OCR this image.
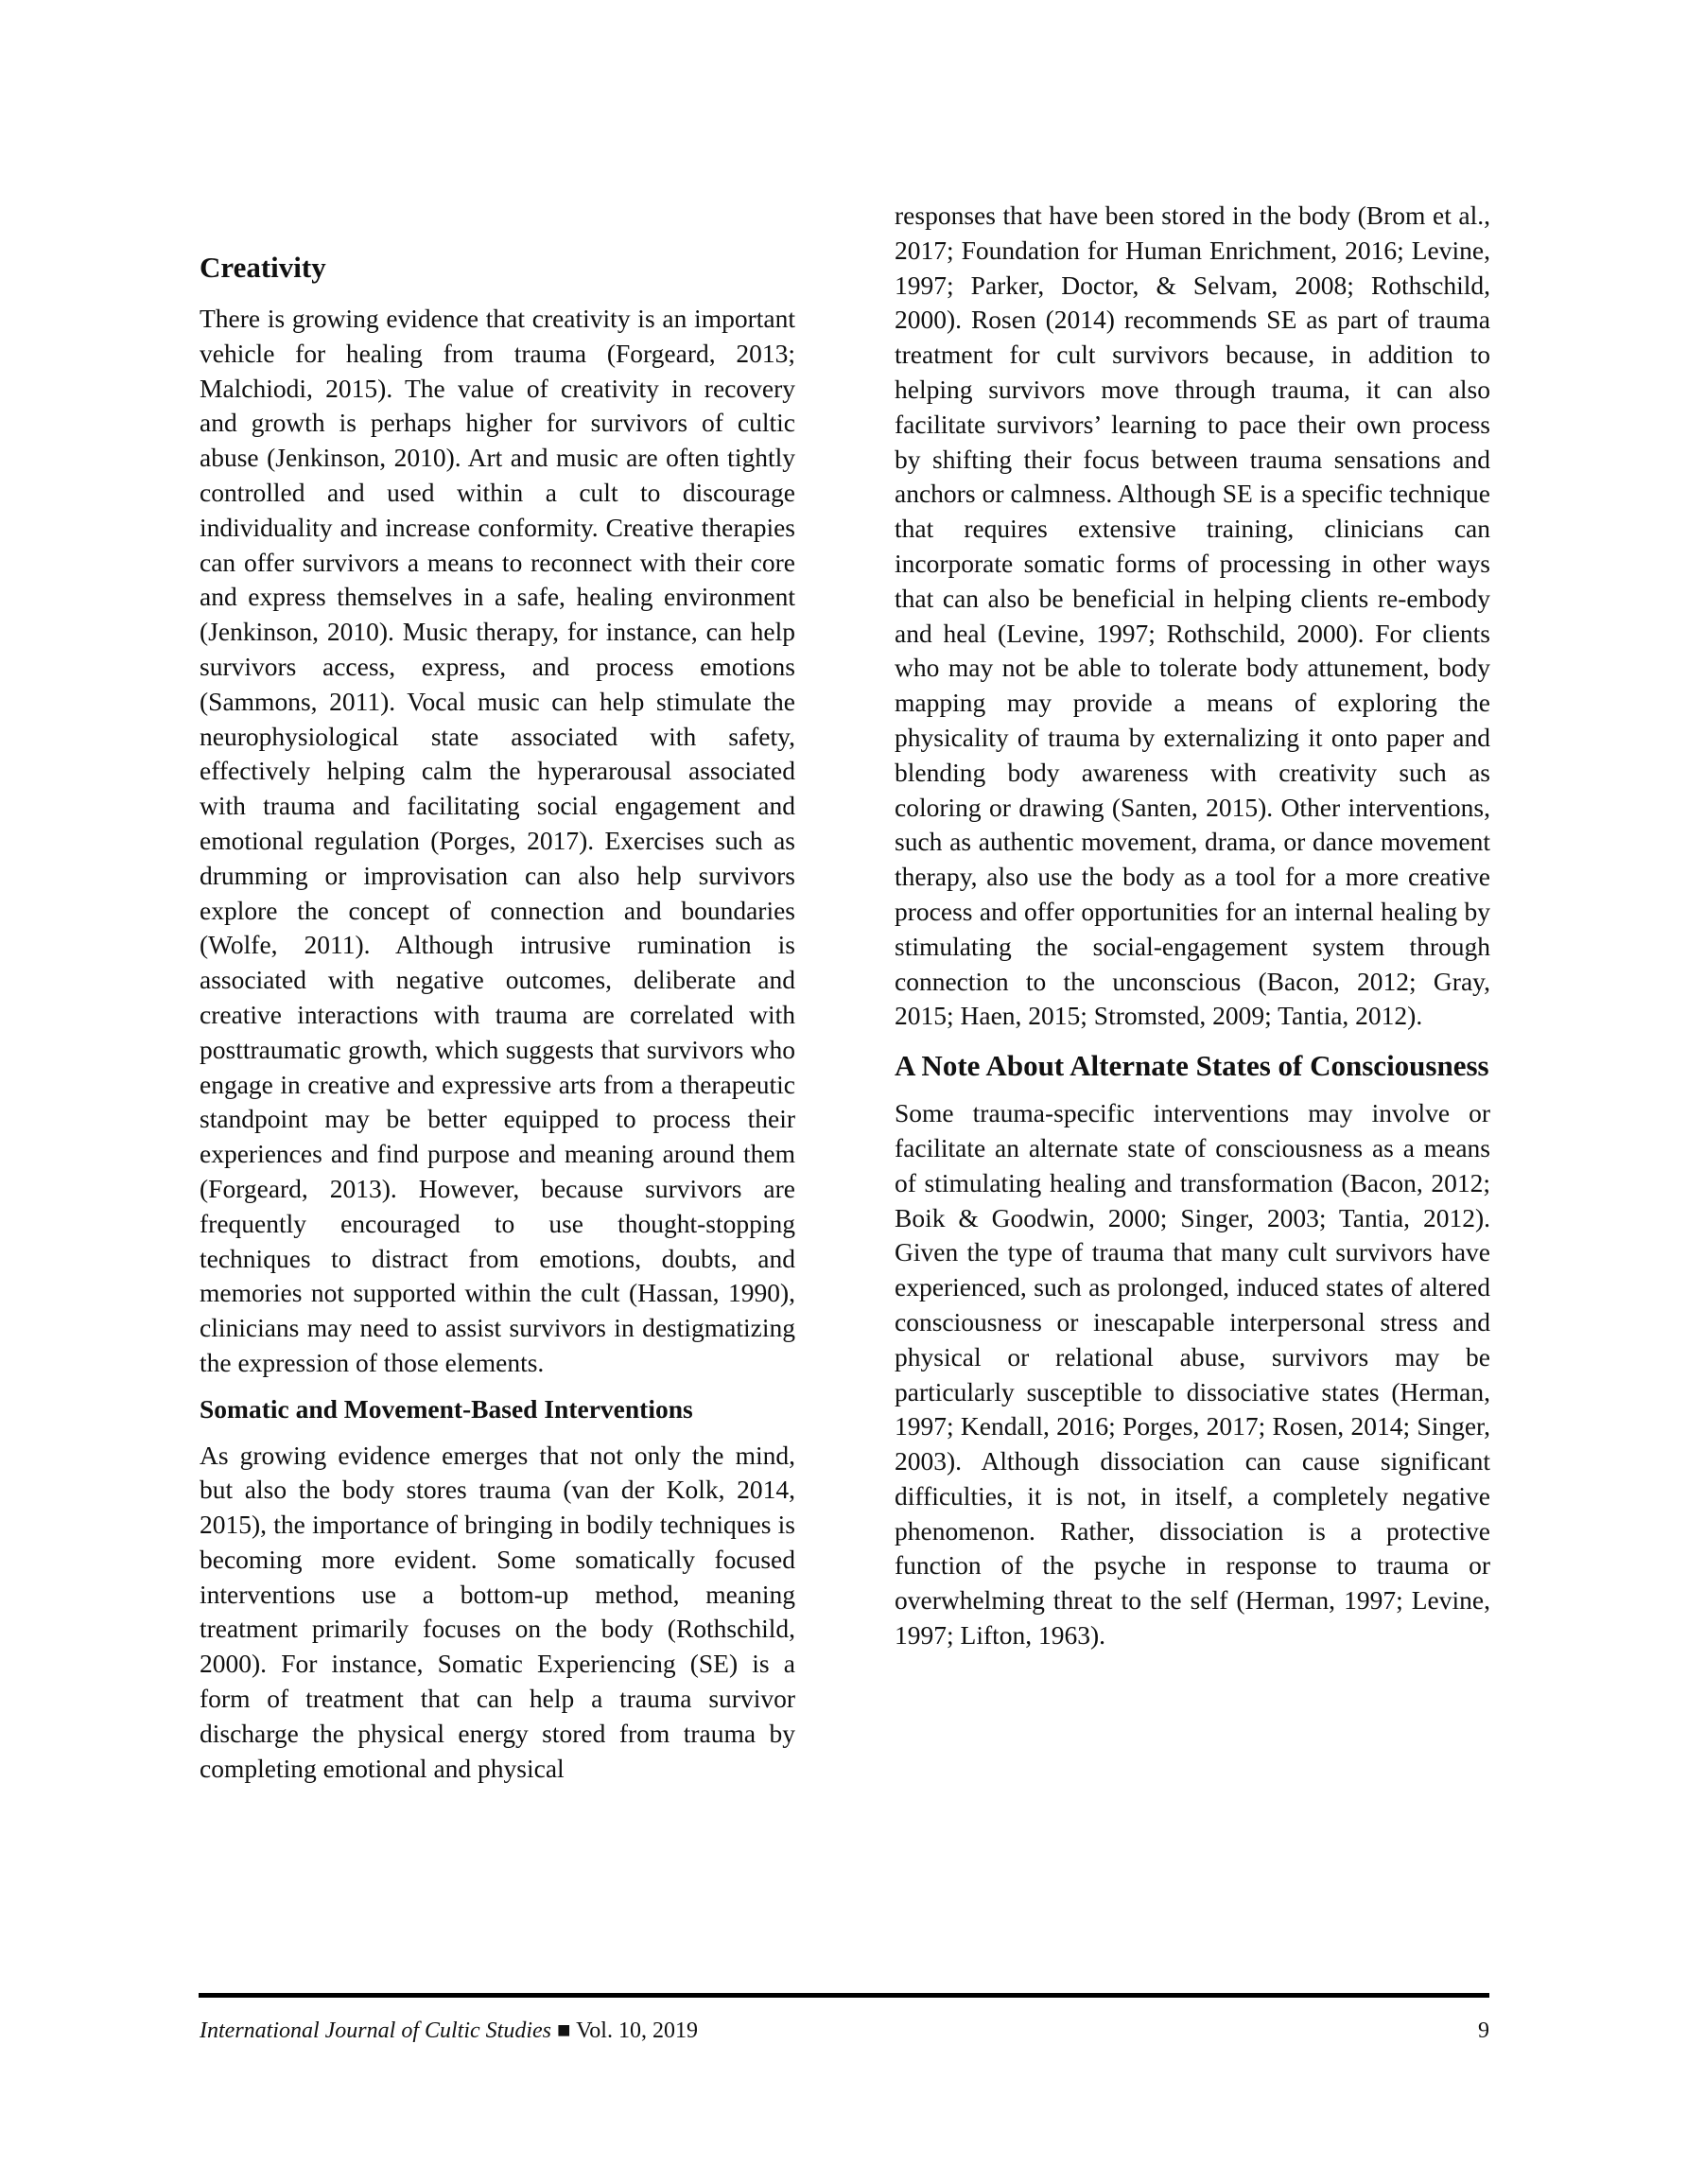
Creativity

There is growing evidence that creativity is an important vehicle for healing from trauma (Forgeard, 2013; Malchiodi, 2015). The value of creativity in recovery and growth is perhaps higher for survivors of cultic abuse (Jenkinson, 2010). Art and music are often tightly controlled and used within a cult to discourage individuality and increase conformity. Creative therapies can offer survivors a means to reconnect with their core and express themselves in a safe, healing environment (Jenkinson, 2010). Music therapy, for instance, can help survivors access, express, and process emotions (Sammons, 2011). Vocal music can help stimulate the neurophysiological state associated with safety, effectively helping calm the hyperarousal associated with trauma and facilitating social engagement and emotional regulation (Porges, 2017). Exercises such as drumming or improvisation can also help survivors explore the concept of connection and boundaries (Wolfe, 2011). Although intrusive rumination is associated with negative outcomes, deliberate and creative interactions with trauma are correlated with posttraumatic growth, which suggests that survivors who engage in creative and expressive arts from a therapeutic standpoint may be better equipped to process their experiences and find purpose and meaning around them (Forgeard, 2013). However, because survivors are frequently encouraged to use thought-stopping techniques to distract from emotions, doubts, and memories not supported within the cult (Hassan, 1990), clinicians may need to assist survivors in destigmatizing the expression of those elements.

Somatic and Movement-Based Interventions

As growing evidence emerges that not only the mind, but also the body stores trauma (van der Kolk, 2014, 2015), the importance of bringing in bodily techniques is becoming more evident. Some somatically focused interventions use a bottom-up method, meaning treatment primarily focuses on the body (Rothschild, 2000). For instance, Somatic Experiencing (SE) is a form of treatment that can help a trauma survivor discharge the physical energy stored from trauma by completing emotional and physical

responses that have been stored in the body (Brom et al., 2017; Foundation for Human Enrichment, 2016; Levine, 1997; Parker, Doctor, & Selvam, 2008; Rothschild, 2000). Rosen (2014) recommends SE as part of trauma treatment for cult survivors because, in addition to helping survivors move through trauma, it can also facilitate survivors’ learning to pace their own process by shifting their focus between trauma sensations and anchors or calmness. Although SE is a specific technique that requires extensive training, clinicians can incorporate somatic forms of processing in other ways that can also be beneficial in helping clients re-embody and heal (Levine, 1997; Rothschild, 2000). For clients who may not be able to tolerate body attunement, body mapping may provide a means of exploring the physicality of trauma by externalizing it onto paper and blending body awareness with creativity such as coloring or drawing (Santen, 2015). Other interventions, such as authentic movement, drama, or dance movement therapy, also use the body as a tool for a more creative process and offer opportunities for an internal healing by stimulating the social-engagement system through connection to the unconscious (Bacon, 2012; Gray, 2015; Haen, 2015; Stromsted, 2009; Tantia, 2012).

A Note About Alternate States of Consciousness

Some trauma-specific interventions may involve or facilitate an alternate state of consciousness as a means of stimulating healing and transformation (Bacon, 2012; Boik & Goodwin, 2000; Singer, 2003; Tantia, 2012). Given the type of trauma that many cult survivors have experienced, such as prolonged, induced states of altered consciousness or inescapable interpersonal stress and physical or relational abuse, survivors may be particularly susceptible to dissociative states (Herman, 1997; Kendall, 2016; Porges, 2017; Rosen, 2014; Singer, 2003). Although dissociation can cause significant difficulties, it is not, in itself, a completely negative phenomenon. Rather, dissociation is a protective function of the psyche in response to trauma or overwhelming threat to the self (Herman, 1997; Levine, 1997; Lifton, 1963).

International Journal of Cultic Studies ■ Vol. 10, 2019	9
